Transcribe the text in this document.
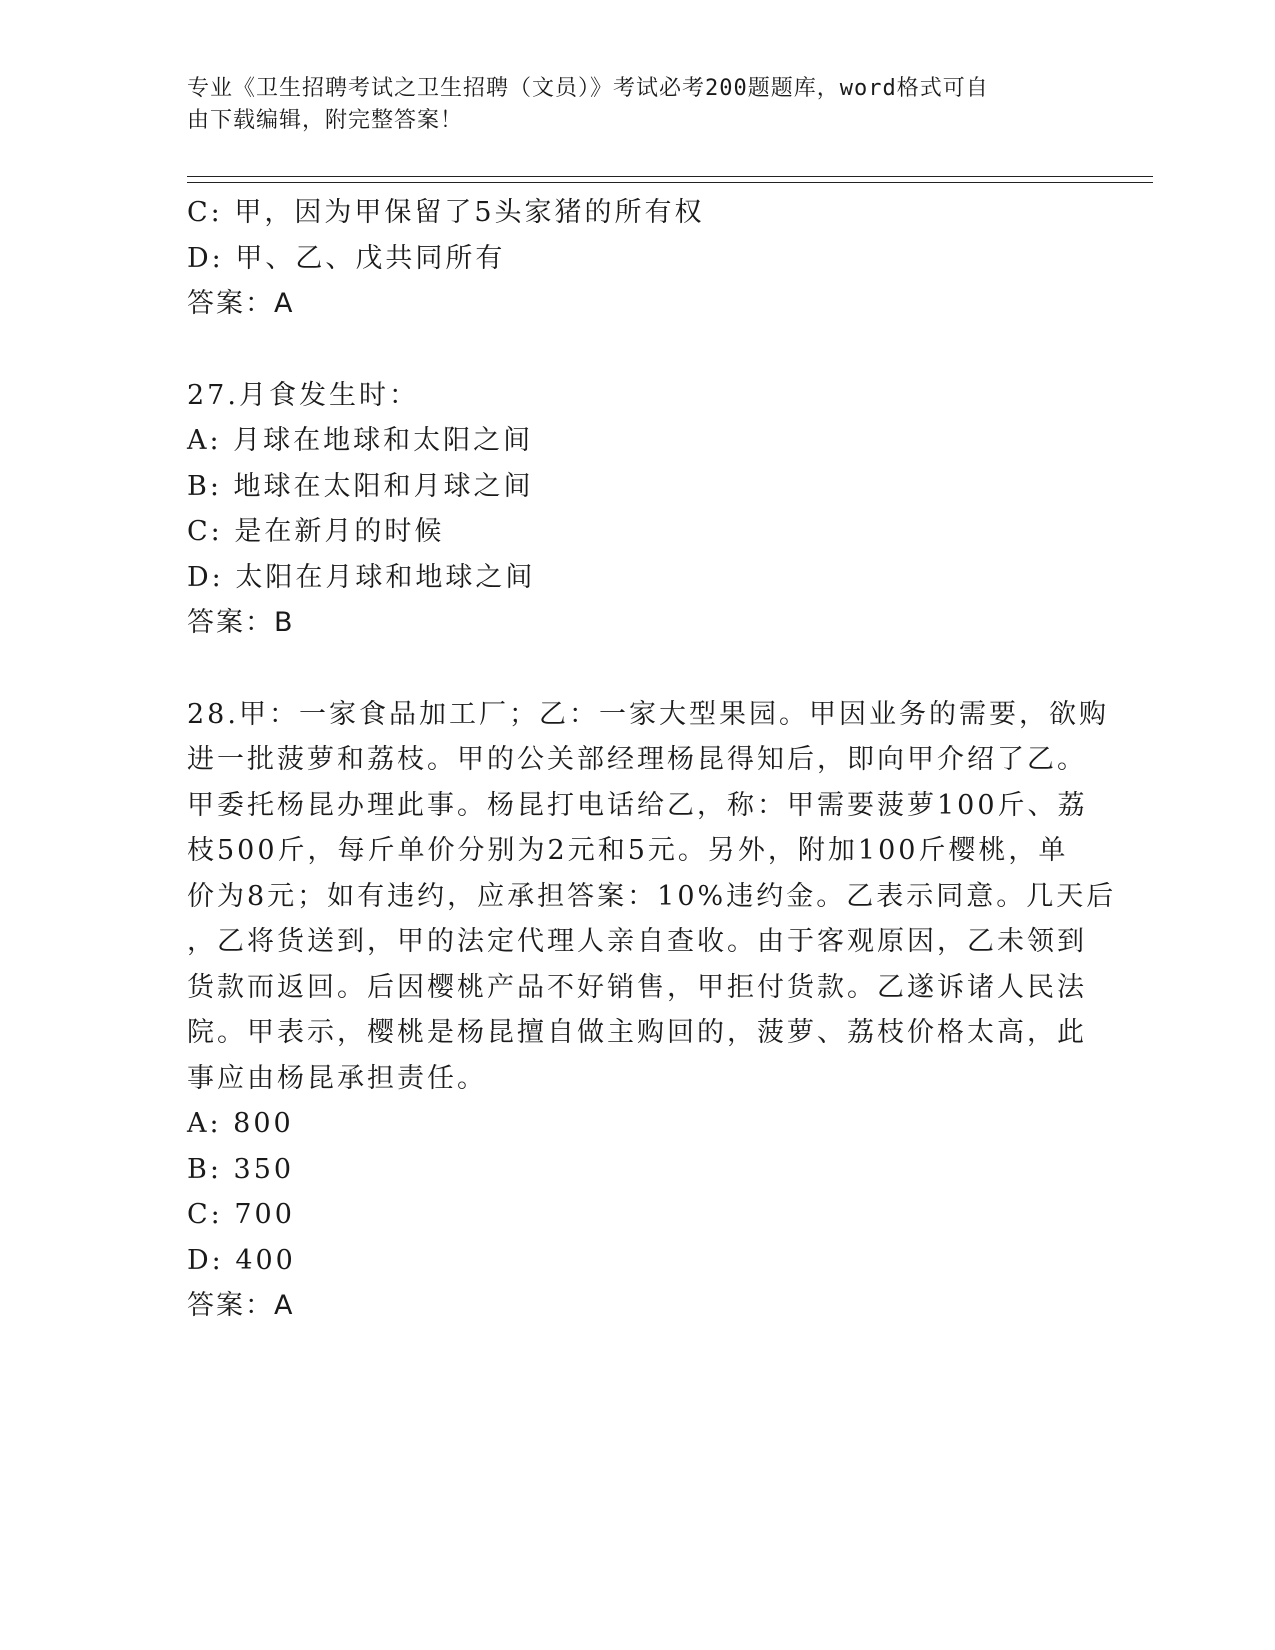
专业《卫生招聘考试之卫生招聘（文员）》考试必考200题题库，word格式可自
由下载编辑，附完整答案！
C: 甲，因为甲保留了5头家猪的所有权
D: 甲、乙、戊共同所有
答案：A
27.月食发生时：
A: 月球在地球和太阳之间
B: 地球在太阳和月球之间
C: 是在新月的时候
D: 太阳在月球和地球之间
答案：B
28.甲：一家食品加工厂；乙：一家大型果园。甲因业务的需要，欲购
进一批菠萝和荔枝。甲的公关部经理杨昆得知后，即向甲介绍了乙。
甲委托杨昆办理此事。杨昆打电话给乙，称：甲需要菠萝100斤、荔
枝500斤，每斤单价分别为2元和5元。另外，附加100斤樱桃，单
价为8元；如有违约，应承担答案：10%违约金。乙表示同意。几天后
，乙将货送到，甲的法定代理人亲自查收。由于客观原因，乙未领到
货款而返回。后因樱桃产品不好销售，甲拒付货款。乙遂诉诸人民法
院。甲表示，樱桃是杨昆擅自做主购回的，菠萝、荔枝价格太高，此
事应由杨昆承担责任。
A: 800
B: 350
C: 700
D: 400
答案：A
